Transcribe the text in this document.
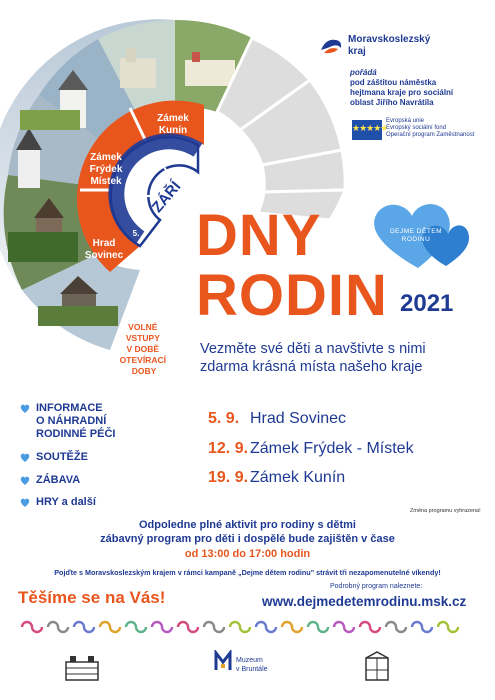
Zámek Kunín
Zámek Frýdek Místek
Hrad Sovinec
19.
12.
5.
ZÁŘÍ
VOLNÉ VSTUPY V DOBĚ OTEVÍRACÍ DOBY
Moravskoslezský
kraj
pořádá
pod záštitou náměstka
hejtmana kraje pro sociální
oblast Jiřího Navrátila
★★★★★
Evropská unie
Evropský sociální fond
Operační program Zaměstnanost
DEJME DĚTEM
RODINU
DNY
RODIN 2021
Vezměte své děti a navštivte s nimi
zdarma krásná místa našeho kraje
INFORMACE
O NÁHRADNÍ
RODINNÉ PÉČI
SOUTĚŽE
ZÁBAVA
HRY a další
5. 9. Hrad Sovinec
12. 9. Zámek Frýdek - Místek
19. 9. Zámek Kunín
Změna programu vyhrazena!
Odpoledne plné aktivit pro rodiny s dětmi
zábavný program pro děti i dospělé bude zajištěn v čase
od 13:00 do 17:00 hodin
Pojďte s Moravskoslezským krajem v rámci kampaně „Dejme dětem rodinu" strávit tři nezapomenutelné víkendy!
Těšíme se na Vás!
Podrobný program naleznete:
www.dejmedetemrodinu.msk.cz
Muzeum
v Bruntále
